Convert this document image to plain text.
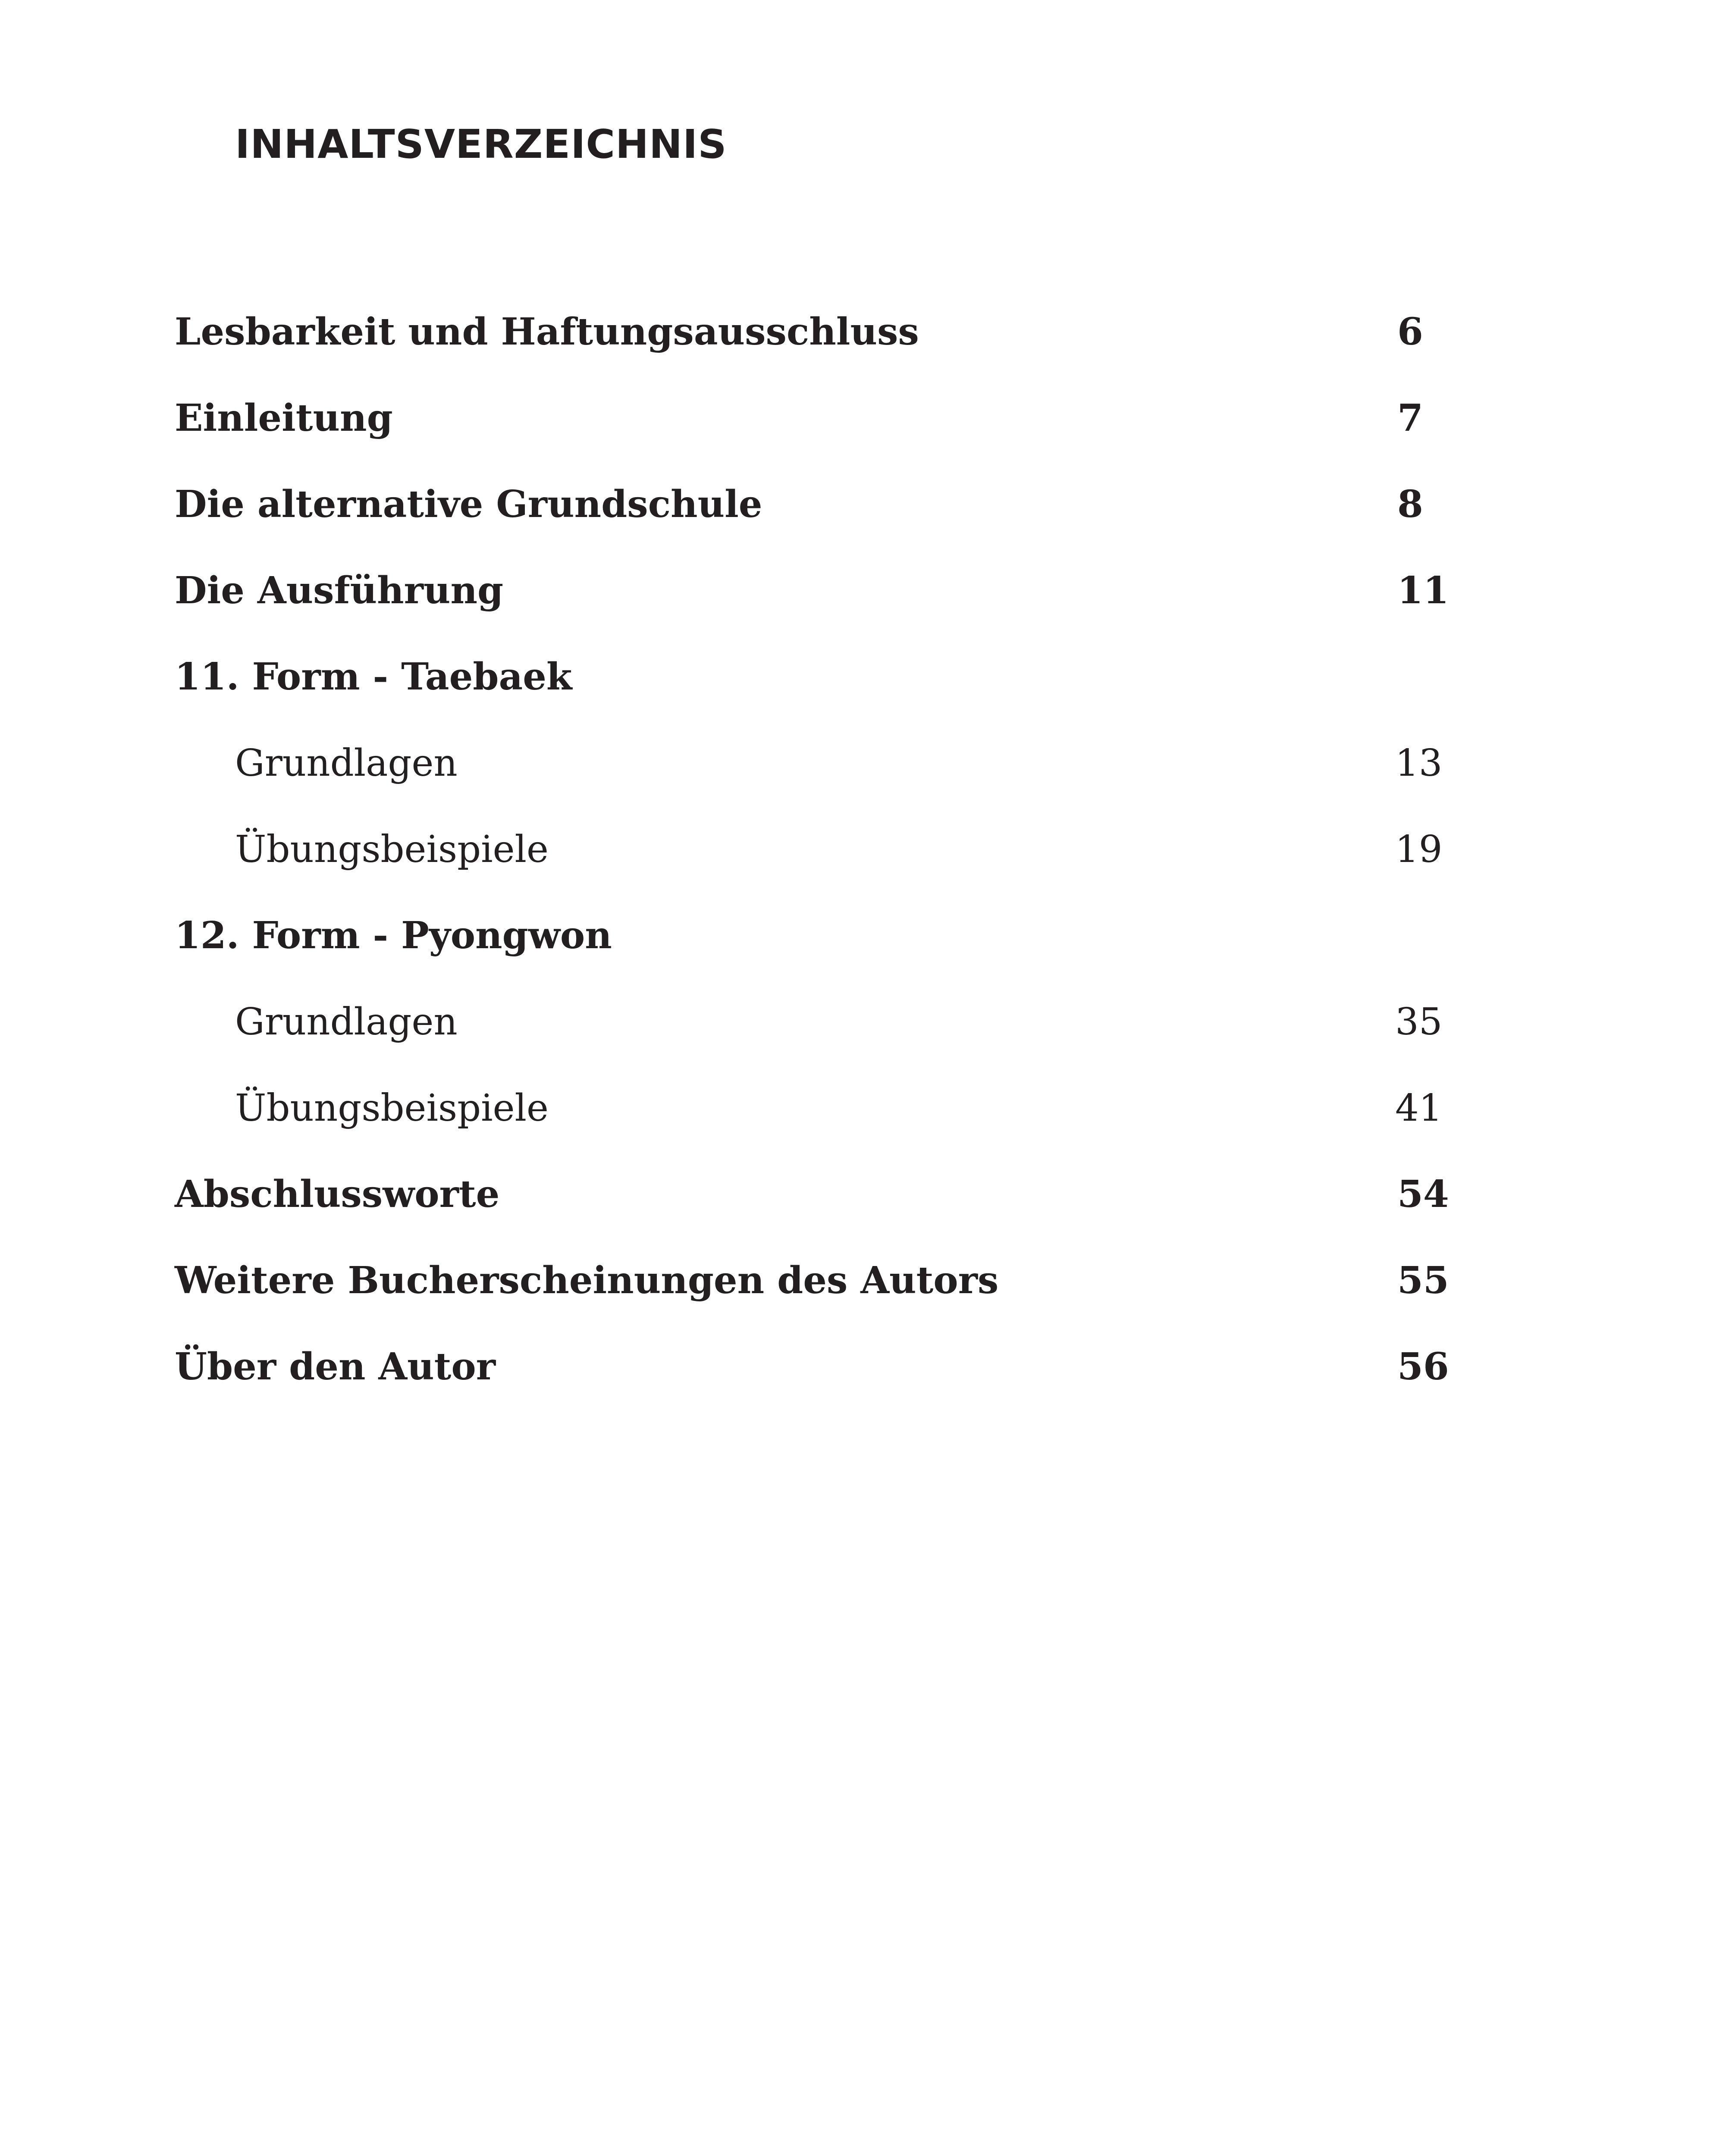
INHALTSVERZEICHNIS
Lesbarkeit und Haftungsausschluss	6
Einleitung	7
Die alternative Grundschule	8
Die Ausführung	11
11. Form - Taebaek
Grundlagen	13
Übungsbeispiele	19
12. Form - Pyongwon
Grundlagen	35
Übungsbeispiele	41
Abschlussworte	54
Weitere Bucherscheinungen des Autors	55
Über den Autor	56
